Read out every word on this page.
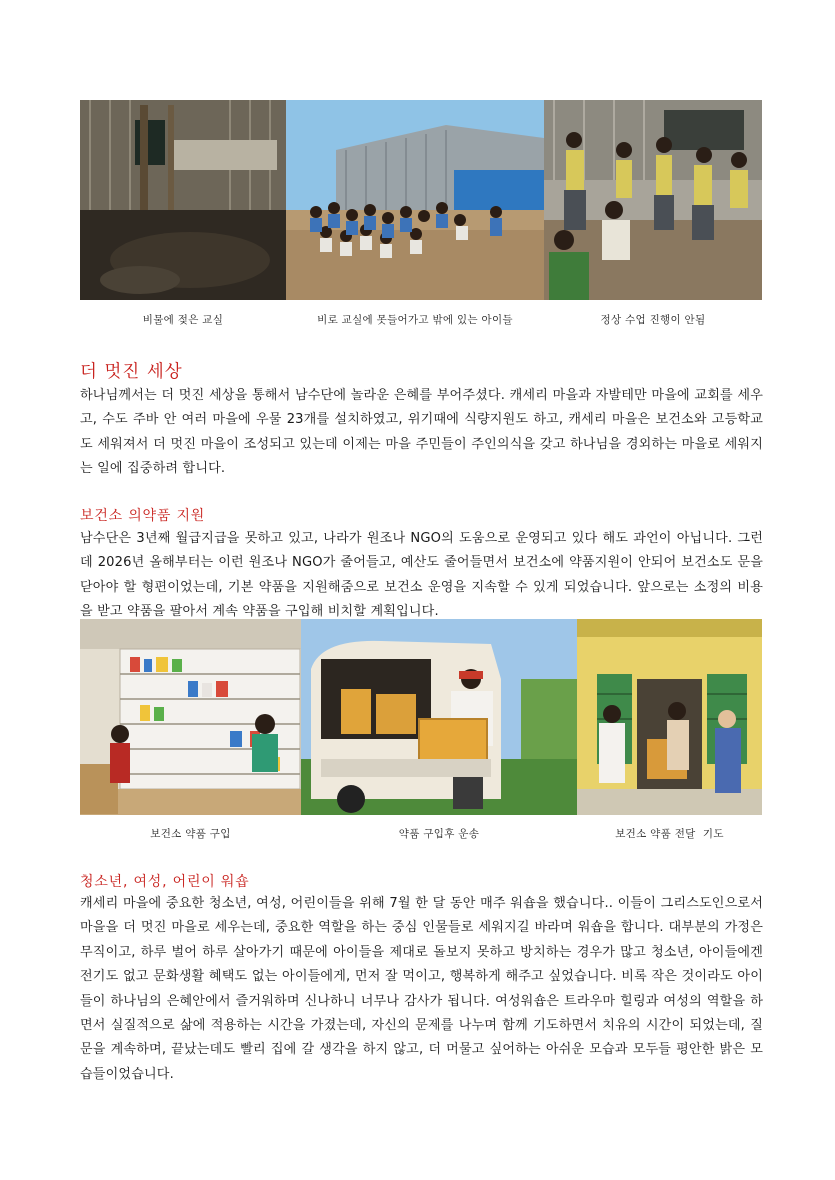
비물에 젖은 교실	비로 교실에 못들어가고 밖에 있는 아이들	정상 수업 진행이 안됨
더 멋진 세상

하나님께서는 더 멋진 세상을 통해서 남수단에 놀라운 은혜를 부어주셨다. 캐세리 마을과 자발테만 마을에 교회를 세우고, 수도 주바 안 여러 마을에 우물 23개를 설치하였고, 위기때에 식량지원도 하고, 캐세리 마을은 보건소와 고등학교도 세워져서 더 멋진 마을이 조성되고 있는데 이제는 마을 주민들이 주인의식을 갖고 하나님을 경외하는 마을로 세워지는 일에 집중하려 합니다.

보건소 의약품 지원

남수단은 3년째 월급지급을 못하고 있고, 나라가 원조나 NGO의 도움으로 운영되고 있다 해도 과언이 아닙니다. 그런데 2026년 올해부터는 이런 원조나 NGO가 줄어들고, 예산도 줄어들면서 보건소에 약품지원이 안되어 보건소도 문을 닫아야 할 형편이었는데, 기본 약품을 지원해줌으로 보건소 운영을 지속할 수 있게 되었습니다. 앞으로는 소정의 비용을 받고 약품을 팔아서 계속 약품을 구입해 비치할 계획입니다.

보건소 약품 구입	약품 구입후 운송	보건소 약품 전달  기도
청소년, 여성, 어린이 워숍

캐세리 마을에 중요한 청소년, 여성, 어린이들을 위해 7월 한 달 동안 매주 워숍을 했습니다.. 이들이 그리스도인으로서 마을을 더 멋진 마을로 세우는데, 중요한 역할을 하는 중심 인물들로 세워지길 바라며 워숍을 합니다. 대부분의 가정은 무직이고, 하루 벌어 하루 살아가기 때문에 아이들을 제대로 돌보지 못하고 방치하는 경우가 많고 청소년, 아이들에겐 전기도 없고 문화생활 혜택도 없는 아이들에게, 먼저 잘 먹이고, 행복하게 해주고 싶었습니다. 비록 작은 것이라도 아이들이 하나님의 은혜안에서 즐거워하며 신나하니 너무나 감사가 됩니다. 여성워숍은 트라우마 힐링과 여성의 역할을 하면서 실질적으로 삶에 적용하는 시간을 가졌는데, 자신의 문제를 나누며 함께 기도하면서 치유의 시간이 되었는데, 질문을 계속하며, 끝났는데도 빨리 집에 갈 생각을 하지 않고, 더 머물고 싶어하는 아쉬운 모습과 모두들 평안한 밝은 모습들이었습니다.
